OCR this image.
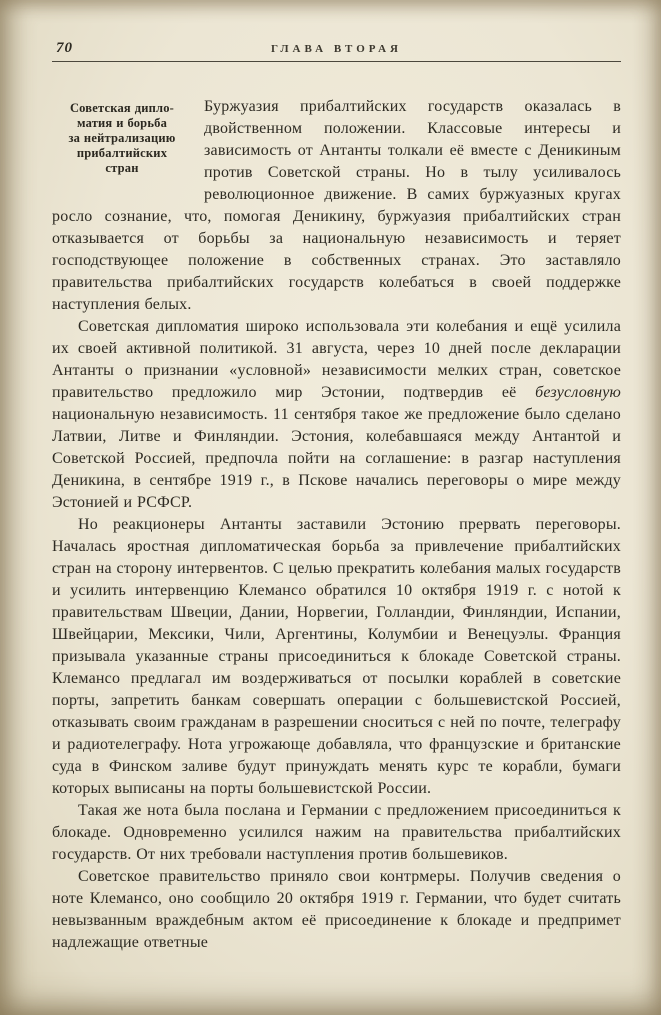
70	ГЛАВА ВТОРАЯ

Советская дипло-
матия и борьба
за нейтрализацию
прибалтийских
стран
Буржуазия прибалтийских государств оказалась в двойственном положении. Классовые интересы и зависимость от Антанты толкали её вместе с Деникиным против Советской страны. Но в тылу усиливалось революционное движение. В самих буржуазных кругах росло сознание, что, помогая Деникину, буржуазия прибалтийских стран отказывается от борьбы за национальную независимость и теряет господствующее положение в собственных странах. Это заставляло правительства прибалтийских государств колебаться в своей поддержке наступления белых.

Советская дипломатия широко использовала эти колебания и ещё усилила их своей активной политикой. 31 августа, через 10 дней после декларации Антанты о признании «условной» независимости мелких стран, советское правительство предложило мир Эстонии, подтвердив её безусловную национальную независимость. 11 сентября такое же предложение было сделано Латвии, Литве и Финляндии. Эстония, колебавшаяся между Антантой и Советской Россией, предпочла пойти на соглашение: в разгар наступления Деникина, в сентябре 1919 г., в Пскове начались переговоры о мире между Эстонией и РСФСР.

Но реакционеры Антанты заставили Эстонию прервать переговоры. Началась яростная дипломатическая борьба за привлечение прибалтийских стран на сторону интервентов. С целью прекратить колебания малых государств и усилить интервенцию Клемансо обратился 10 октября 1919 г. с нотой к правительствам Швеции, Дании, Норвегии, Голландии, Финляндии, Испании, Швейцарии, Мексики, Чили, Аргентины, Колумбии и Венецуэлы. Франция призывала указанные страны присоединиться к блокаде Советской страны. Клемансо предлагал им воздерживаться от посылки кораблей в советские порты, запретить банкам совершать операции с большевистской Россией, отказывать своим гражданам в разрешении сноситься с ней по почте, телеграфу и радиотелеграфу. Нота угрожающе добавляла, что французские и британские суда в Финском заливе будут принуждать менять курс те корабли, бумаги которых выписаны на порты большевистской России.

Такая же нота была послана и Германии с предложением присоединиться к блокаде. Одновременно усилился нажим на правительства прибалтийских государств. От них требовали наступления против большевиков.

Советское правительство приняло свои контрмеры. Получив сведения о ноте Клемансо, оно сообщило 20 октября 1919 г. Германии, что будет считать невызванным враждебным актом её присоединение к блокаде и предпримет надлежащие ответные
